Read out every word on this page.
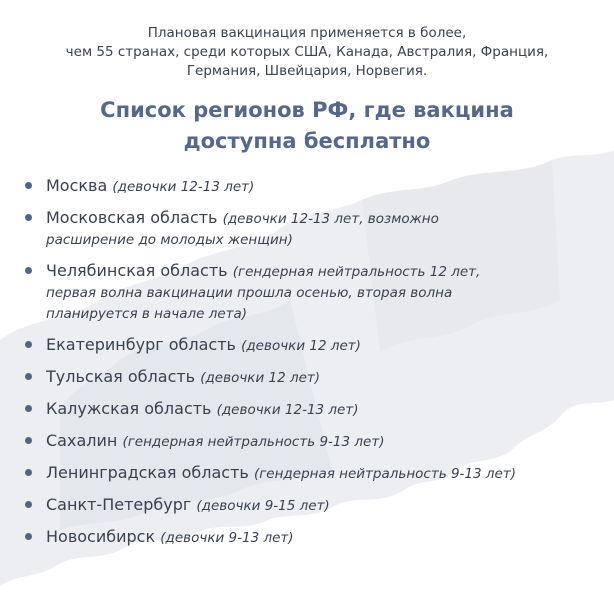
Плановая вакцинация применяется в более,
чем 55 странах, среди которых США, Канада, Австралия, Франция,
Германия, Швейцария, Норвегия.
Список регионов РФ, где вакцина
доступна бесплатно
Москва (девочки 12-13 лет)
Московская область (девочки 12-13 лет, возможно
расширение до молодых женщин)
Челябинская область (гендерная нейтральность 12 лет,
первая волна вакцинации прошла осенью, вторая волна
планируется в начале лета)
Екатеринбург область (девочки 12 лет)
Тульская область (девочки 12 лет)
Калужская область (девочки 12-13 лет)
Сахалин (гендерная нейтральность 9-13 лет)
Ленинградская область (гендерная нейтральность 9-13 лет)
Санкт-Петербург (девочки 9-15 лет)
Новосибирск (девочки 9-13 лет)
